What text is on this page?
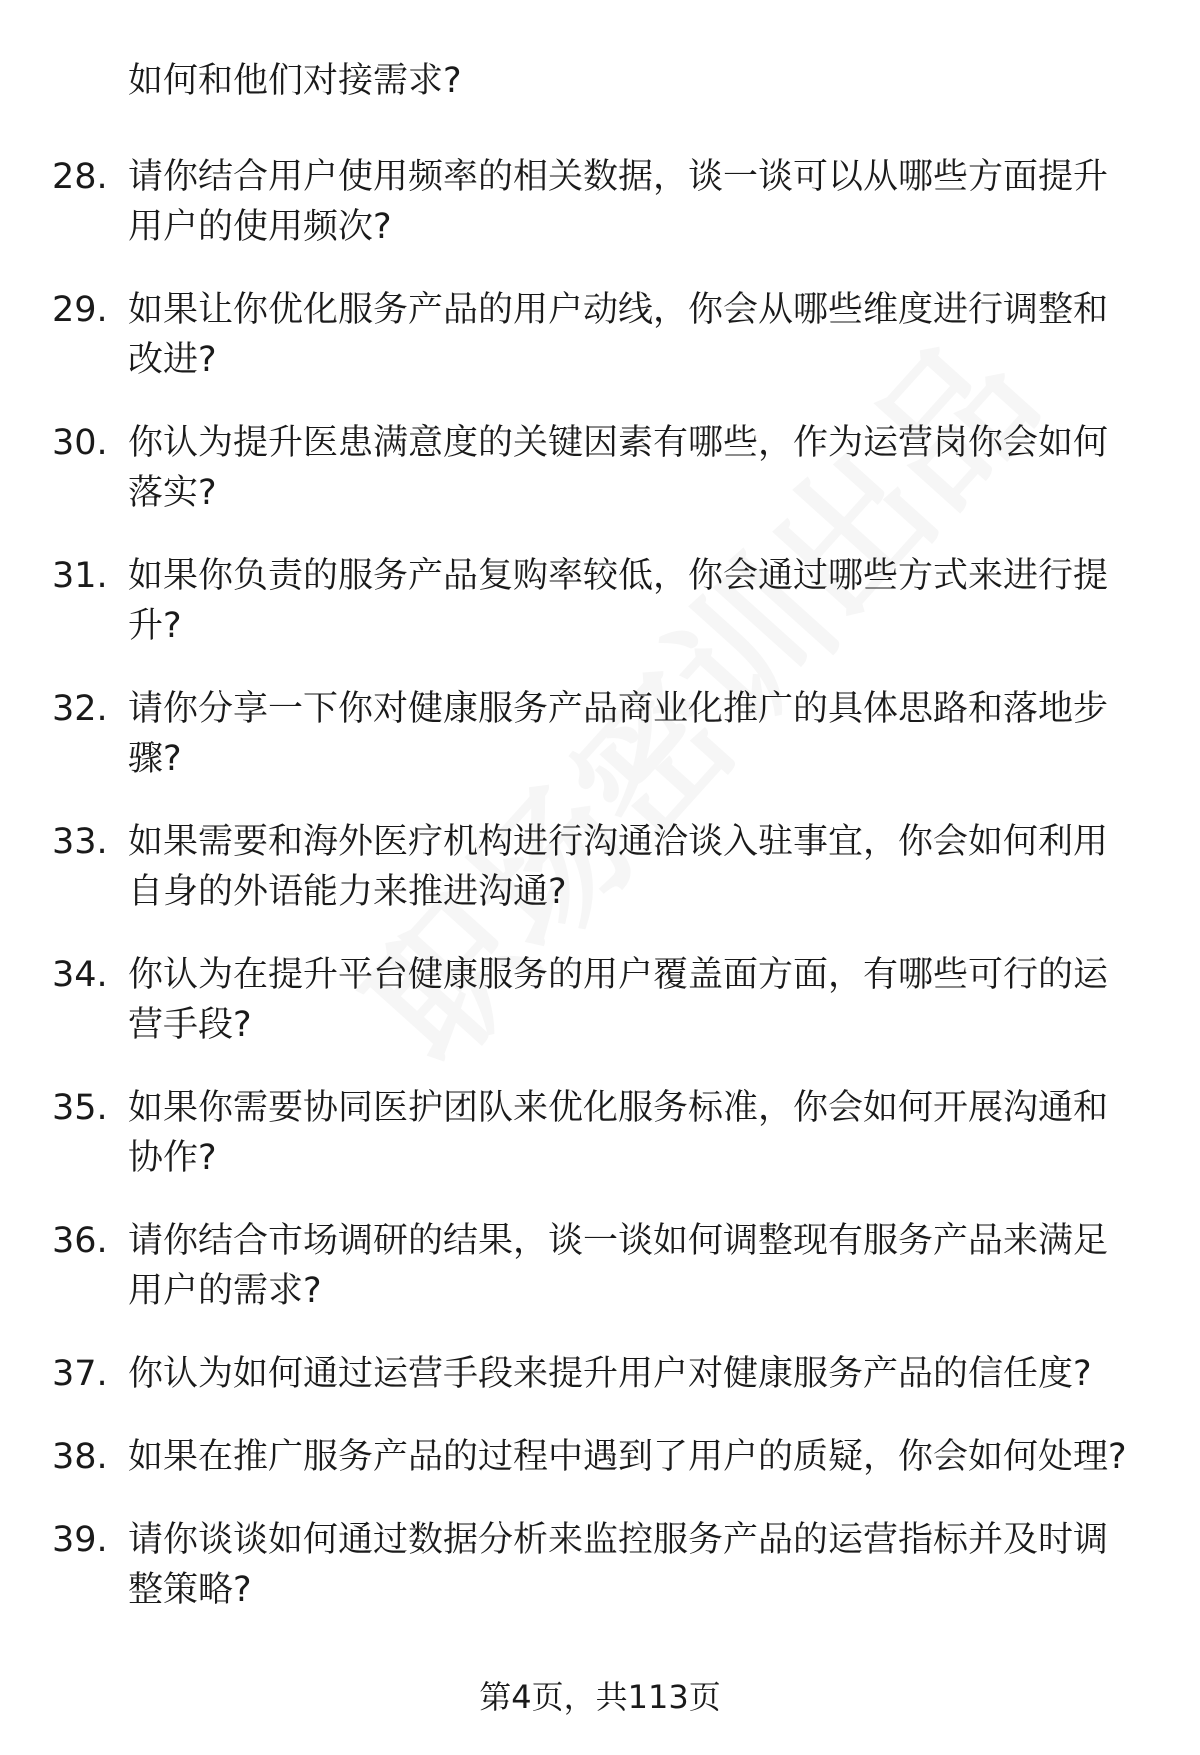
如何和他们对接需求?
28. 请你结合用户使用频率的相关数据，谈一谈可以从哪些方面提升用户的使用频次?
29. 如果让你优化服务产品的用户动线，你会从哪些维度进行调整和改进?
30. 你认为提升医患满意度的关键因素有哪些，作为运营岗你会如何落实?
31. 如果你负责的服务产品复购率较低，你会通过哪些方式来进行提升?
32. 请你分享一下你对健康服务产品商业化推广的具体思路和落地步骤?
33. 如果需要和海外医疗机构进行沟通洽谈入驻事宜，你会如何利用自身的外语能力来推进沟通?
34. 你认为在提升平台健康服务的用户覆盖面方面，有哪些可行的运营手段?
35. 如果你需要协同医护团队来优化服务标准，你会如何开展沟通和协作?
36. 请你结合市场调研的结果，谈一谈如何调整现有服务产品来满足用户的需求?
37. 你认为如何通过运营手段来提升用户对健康服务产品的信任度?
38. 如果在推广服务产品的过程中遇到了用户的质疑，你会如何处理?
39. 请你谈谈如何通过数据分析来监控服务产品的运营指标并及时调整策略?
第4页，共113页
